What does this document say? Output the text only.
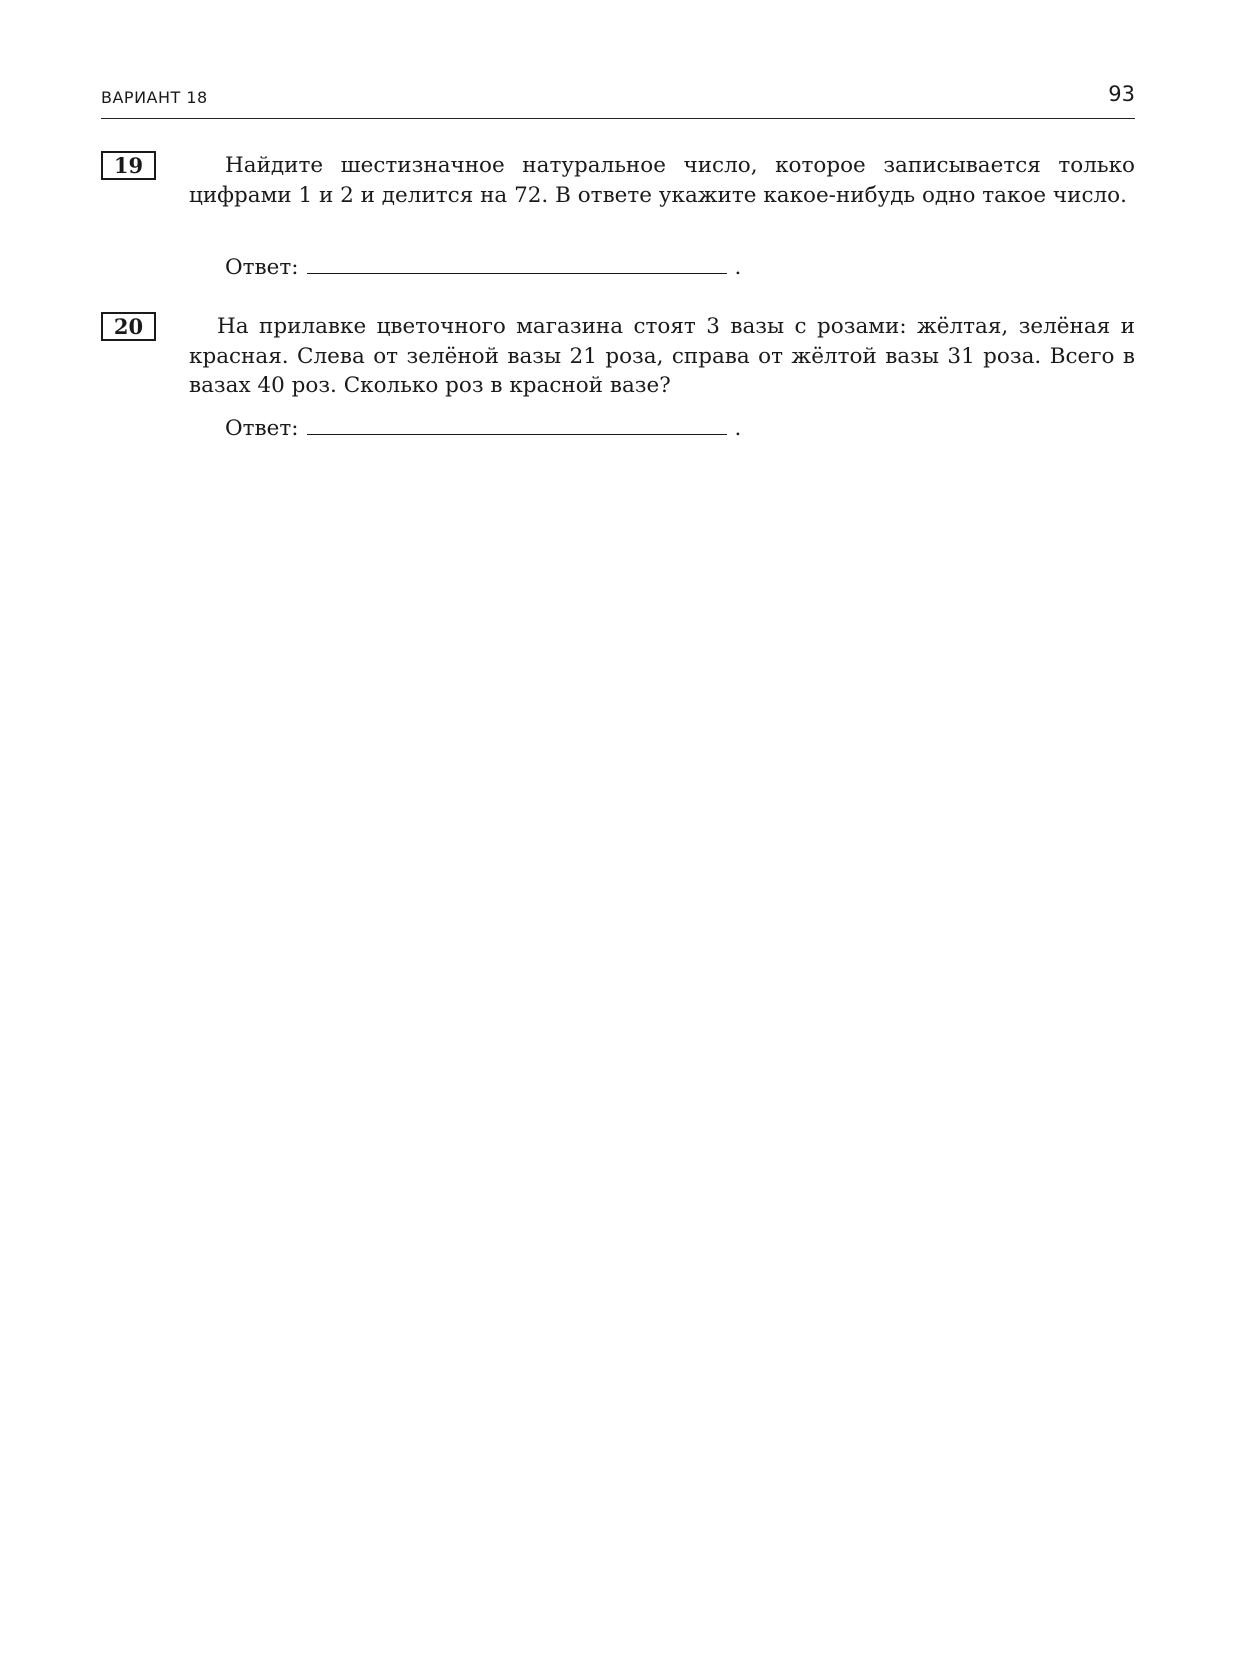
ВАРИАНТ 18	93
19	Найдите шестизначное натуральное число, которое записывается только цифрами 1 и 2 и делится на 72. В ответе укажите какое-нибудь одно такое число.
Ответ:	.
20	На прилавке цветочного магазина стоят 3 вазы с розами: жёлтая, зелёная и красная. Слева от зелёной вазы 21 роза, справа от жёлтой вазы 31 роза. Всего в вазах 40 роз. Сколько роз в красной вазе?
Ответ:	.
